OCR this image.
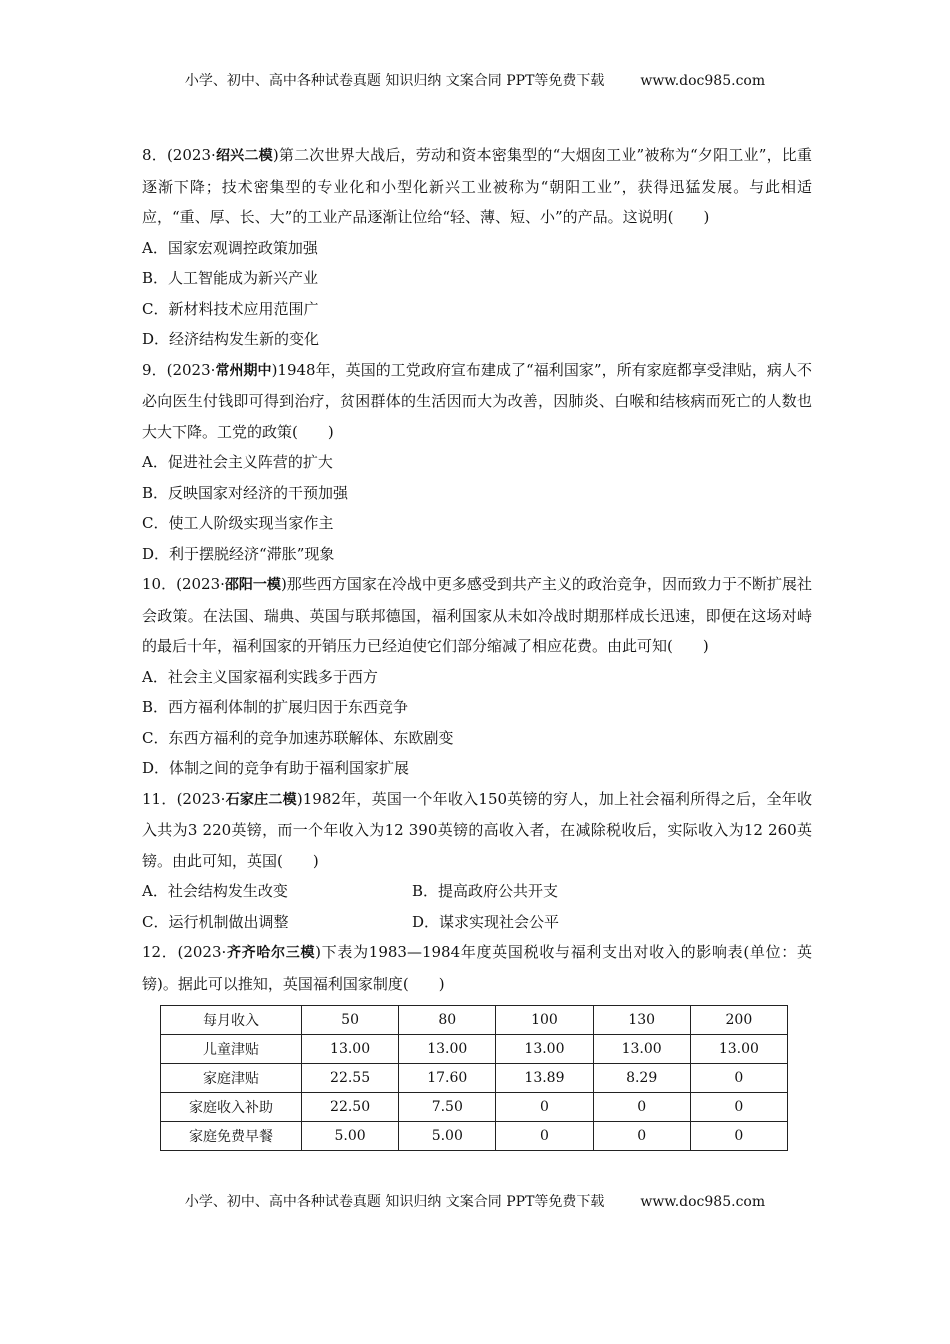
小学、初中、高中各种试卷真题 知识归纳 文案合同 PPT等免费下载	www.doc985.com

8．(2023·绍兴二模)第二次世界大战后，劳动和资本密集型的“大烟囱工业”被称为“夕阳工业”，比重逐渐下降；技术密集型的专业化和小型化新兴工业被称为“朝阳工业”，获得迅猛发展。与此相适应，“重、厚、长、大”的工业产品逐渐让位给“轻、薄、短、小”的产品。这说明(　　)

A．国家宏观调控政策加强

B．人工智能成为新兴产业

C．新材料技术应用范围广

D．经济结构发生新的变化

9．(2023·常州期中)1948年，英国的工党政府宣布建成了“福利国家”，所有家庭都享受津贴，病人不必向医生付钱即可得到治疗，贫困群体的生活因而大为改善，因肺炎、白喉和结核病而死亡的人数也大大下降。工党的政策(　　)

A．促进社会主义阵营的扩大

B．反映国家对经济的干预加强

C．使工人阶级实现当家作主

D．利于摆脱经济“滞胀”现象

10．(2023·邵阳一模)那些西方国家在冷战中更多感受到共产主义的政治竞争，因而致力于不断扩展社会政策。在法国、瑞典、英国与联邦德国，福利国家从未如冷战时期那样成长迅速，即便在这场对峙的最后十年，福利国家的开销压力已经迫使它们部分缩减了相应花费。由此可知(　　)

A．社会主义国家福利实践多于西方

B．西方福利体制的扩展归因于东西竞争

C．东西方福利的竞争加速苏联解体、东欧剧变

D．体制之间的竞争有助于福利国家扩展

11．(2023·石家庄二模)1982年，英国一个年收入150英镑的穷人，加上社会福利所得之后，全年收入共为3 220英镑，而一个年收入为12 390英镑的高收入者，在减除税收后，实际收入为12 260英镑。由此可知，英国(　　)

A．社会结构发生改变	B．提高政府公共开支

C．运行机制做出调整	D．谋求实现社会公平

12．(2023·齐齐哈尔三模)下表为1983—1984年度英国税收与福利支出对收入的影响表(单位：英镑)。据此可以推知，英国福利国家制度(　　)

每月收入	50	80	100	130	200
儿童津贴	13.00	13.00	13.00	13.00	13.00
家庭津贴	22.55	17.60	13.89	8.29	0
家庭收入补助	22.50	7.50	0	0	0
家庭免费早餐	5.00	5.00	0	0	0
小学、初中、高中各种试卷真题 知识归纳 文案合同 PPT等免费下载	www.doc985.com
